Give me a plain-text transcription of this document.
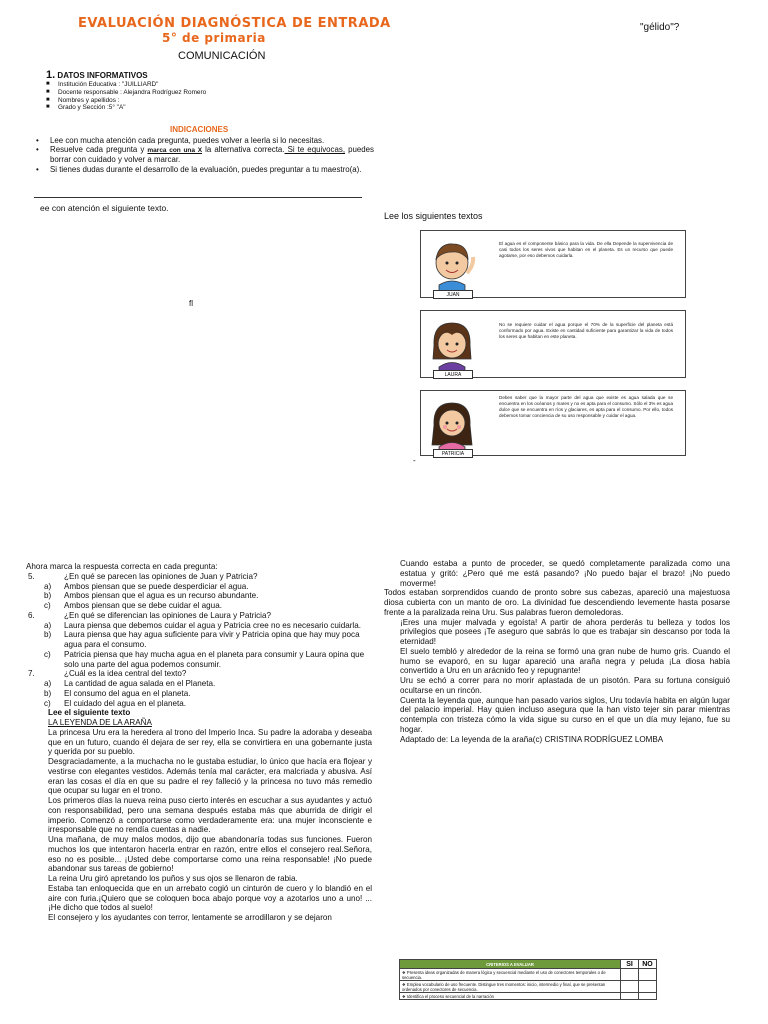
EVALUACIÓN DIAGNÓSTICA DE ENTRADA
5° de primaria
COMUNICACIÓN
"gélido"?
1. DATOS INFORMATIVOS
■	Institución Educativa : "JUILLIARD"
■	Docente responsable : Alejandra Rodríguez Romero
■	Nombres y apellidos :
■	Grado y Sección :5° "A"
INDICACIONES
•	Lee con mucha atención cada pregunta, puedes volver a leerla si lo necesitas.
•	Resuelve cada pregunta y marca con una X la alternativa correcta. Si te equivocas, puedes borrar con cuidado y volver a marcar.
•	Si tienes dudas durante el desarrollo de la evaluación, puedes preguntar a tu maestro(a).
ee con atención el siguiente texto.
fl
Lee los siguientes textos
JUAN
El agua es el componente básico para la vida. De ella Depende la supervivencia de casi todos los seres vivos que habitan en el planeta. Es un recurso que puede agotarse, por eso debemos cuidarla.
LAURA
No se requiere cuidar el agua porque el 70% de la superficie del planeta está conformado por agua. Existe en cantidad suficiente para garantizar la vida de todos los seres que habitan en este planeta.
PATRICIA
Debes saber que la mayor parte del agua que existe es agua salada que se encuentra en los océanos y mares y no es apta para el consumo. Sólo el 3% es agua dulce que se encuentra en ríos y glaciares, es apta para el consumo. Por ello, todos debemos tomar conciencia de su uso responsable y cuidar el agua.
-
Ahora marca la respuesta correcta en cada pregunta:
5.	¿En qué se parecen las opiniones de Juan y Patricia?
a)	Ambos piensan que se puede desperdiciar el agua.
b)	Ambos piensan que el agua es un recurso abundante.
c)	Ambos piensan que se debe cuidar el agua.
6.	¿En qué se diferencian las opiniones de Laura y Patricia?
a)	Laura piensa que debemos cuidar el agua y Patricia cree no es necesario cuidarla.
b)	Laura piensa que hay agua suficiente para vivir y Patricia opina que hay muy poca agua para el consumo.
c)	Patricia piensa que hay mucha agua en el planeta para consumir y Laura opina que solo una parte del agua podemos consumir.
7.	¿Cuál es la idea central del texto?
a)	La cantidad de agua salada en el Planeta.
b)	El consumo del agua en el planeta.
c)	El cuidado del agua en el planeta.
Lee el siguiente texto
LA LEYENDA DE LA ARAÑA
La princesa Uru era la heredera al trono del Imperio Inca. Su padre la adoraba y deseaba que en un futuro, cuando él dejara de ser rey, ella se convirtiera en una gobernante justa y querida por su pueblo.
Desgraciadamente, a la muchacha no le gustaba estudiar, lo único que hacía era flojear y vestirse con elegantes vestidos. Además tenía mal carácter, era malcriada y abusiva. Así eran las cosas el día en que su padre el rey falleció y la princesa no tuvo más remedio que ocupar su lugar en el trono.
Los primeros días la nueva reina puso cierto interés en escuchar a sus ayudantes y actuó con responsabilidad, pero una semana después estaba más que aburrida de dirigir el imperio. Comenzó a comportarse como verdaderamente era: una mujer inconsciente e irresponsable que no rendía cuentas a nadie.
Una mañana, de muy malos modos, dijo que abandonaría todas sus funciones. Fueron muchos los que intentaron hacerla entrar en razón, entre ellos el consejero real.Señora, eso no es posible... ¡Usted debe comportarse como una reina responsable! ¡No puede abandonar sus tareas de gobierno!
La reina Uru giró apretando los puños y sus ojos se llenaron de rabia.
Estaba tan enloquecida que en un arrebato cogió un cinturón de cuero y lo blandió en el aire con furia.¡Quiero que se coloquen boca abajo porque voy a azotarlos uno a uno! ...¡He dicho que todos al suelo!
El consejero y los ayudantes con terror, lentamente se arrodillaron y se dejaron
Cuando estaba a punto de proceder, se quedó completamente paralizada como una estatua y gritó: ¿Pero qué me está pasando? ¡No puedo bajar el brazo! ¡No puedo moverme!
Todos estaban sorprendidos cuando de pronto sobre sus cabezas, apareció una majestuosa diosa cubierta con un manto de oro. La divinidad fue descendiendo levemente hasta posarse frente a la paralizada reina Uru. Sus palabras fueron demoledoras.
¡Eres una mujer malvada y egoísta! A partir de ahora perderás tu belleza y todos los privilegios que posees ¡Te aseguro que sabrás lo que es trabajar sin descanso por toda la eternidad!
El suelo tembló y alrededor de la reina se formó una gran nube de humo gris. Cuando el humo se evaporó, en su lugar apareció una araña negra y peluda ¡La diosa había convertido a Uru en un arácnido feo y repugnante!
Uru se echó a correr para no morir aplastada de un pisotón. Para su fortuna consiguió ocultarse en un rincón.
Cuenta la leyenda que, aunque han pasado varios siglos, Uru todavía habita en algún lugar del palacio imperial. Hay quien incluso asegura que la han visto tejer sin parar mientras contempla con tristeza cómo la vida sigue su curso en el que un día muy lejano, fue su hogar.
Adaptado de: La leyenda de la araña(c) CRISTINA RODRÍGUEZ LOMBA
CRITERIOS A EVALUAR	SI	NO
❖ Presenta ideas organizadas de manera lógica y secuencial mediante el uso de conectores temporales o de secuencia.		
❖ Emplea vocabulario de uso frecuente. Distingue tres momentos: inicio, intermedio y final, que se presentan ordenados por conectores de secuencia.		
❖ Identifica el proceso secuencial de la narración		
